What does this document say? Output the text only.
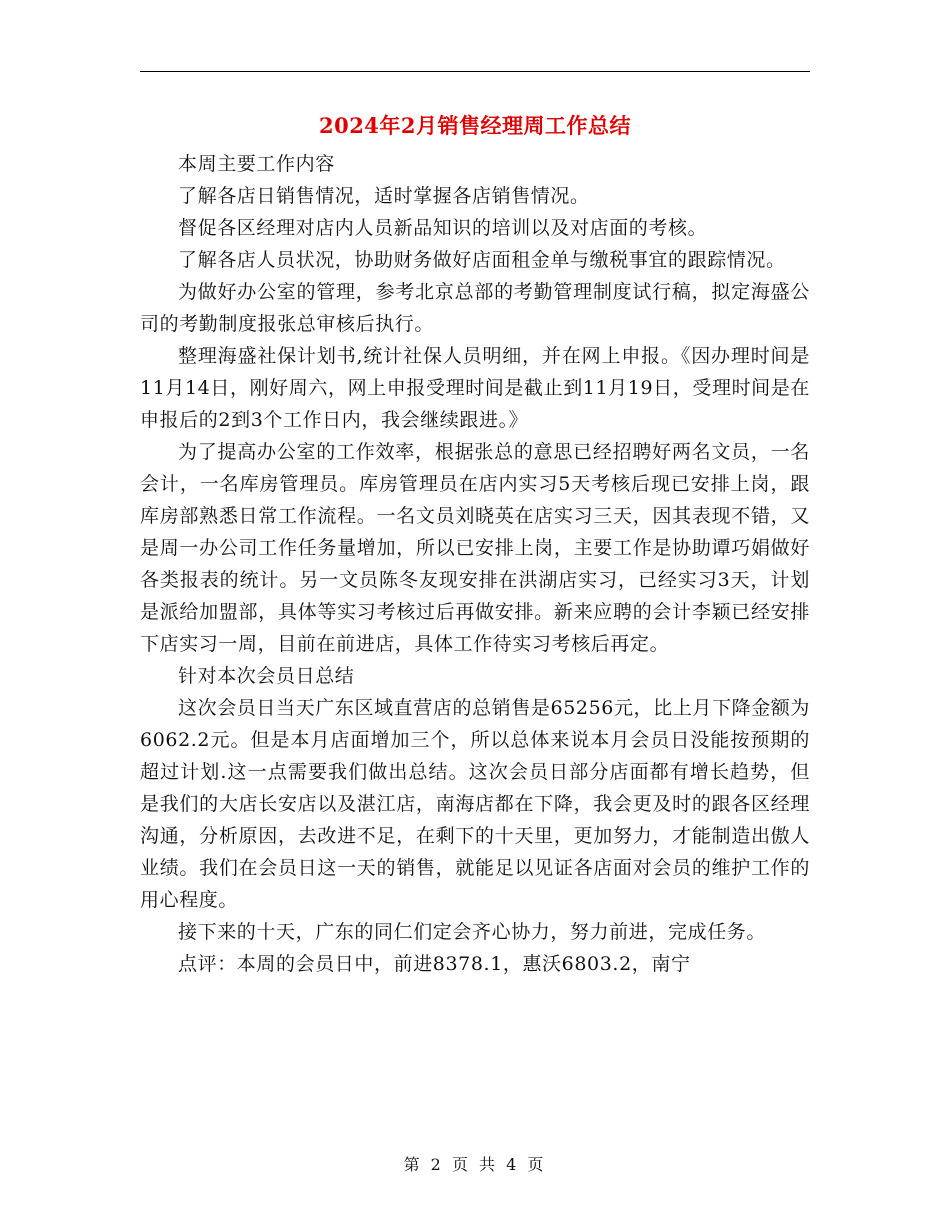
2024年2月销售经理周工作总结

本周主要工作内容

了解各店日销售情况，适时掌握各店销售情况。

督促各区经理对店内人员新品知识的培训以及对店面的考核。

了解各店人员状况，协助财务做好店面租金单与缴税事宜的跟踪情况。

为做好办公室的管理，参考北京总部的考勤管理制度试行稿，拟定海盛公司的考勤制度报张总审核后执行。

整理海盛社保计划书,统计社保人员明细，并在网上申报。《因办理时间是11月14日，刚好周六，网上申报受理时间是截止到11月19日，受理时间是在申报后的2到3个工作日内，我会继续跟进。》

为了提高办公室的工作效率，根据张总的意思已经招聘好两名文员，一名会计，一名库房管理员。库房管理员在店内实习5天考核后现已安排上岗，跟库房部熟悉日常工作流程。一名文员刘晓英在店实习三天，因其表现不错，又是周一办公司工作任务量增加，所以已安排上岗，主要工作是协助谭巧娟做好各类报表的统计。另一文员陈冬友现安排在洪湖店实习，已经实习3天，计划是派给加盟部，具体等实习考核过后再做安排。新来应聘的会计李颖已经安排下店实习一周，目前在前进店，具体工作待实习考核后再定。

针对本次会员日总结

这次会员日当天广东区域直营店的总销售是65256元，比上月下降金额为6062.2元。但是本月店面增加三个，所以总体来说本月会员日没能按预期的超过计划.这一点需要我们做出总结。这次会员日部分店面都有增长趋势，但是我们的大店长安店以及湛江店，南海店都在下降，我会更及时的跟各区经理沟通，分析原因，去改进不足，在剩下的十天里，更加努力，才能制造出傲人业绩。我们在会员日这一天的销售，就能足以见证各店面对会员的维护工作的用心程度。

接下来的十天，广东的同仁们定会齐心协力，努力前进，完成任务。

点评：本周的会员日中，前进8378.1，惠沃6803.2，南宁

第 2 页 共 4 页
